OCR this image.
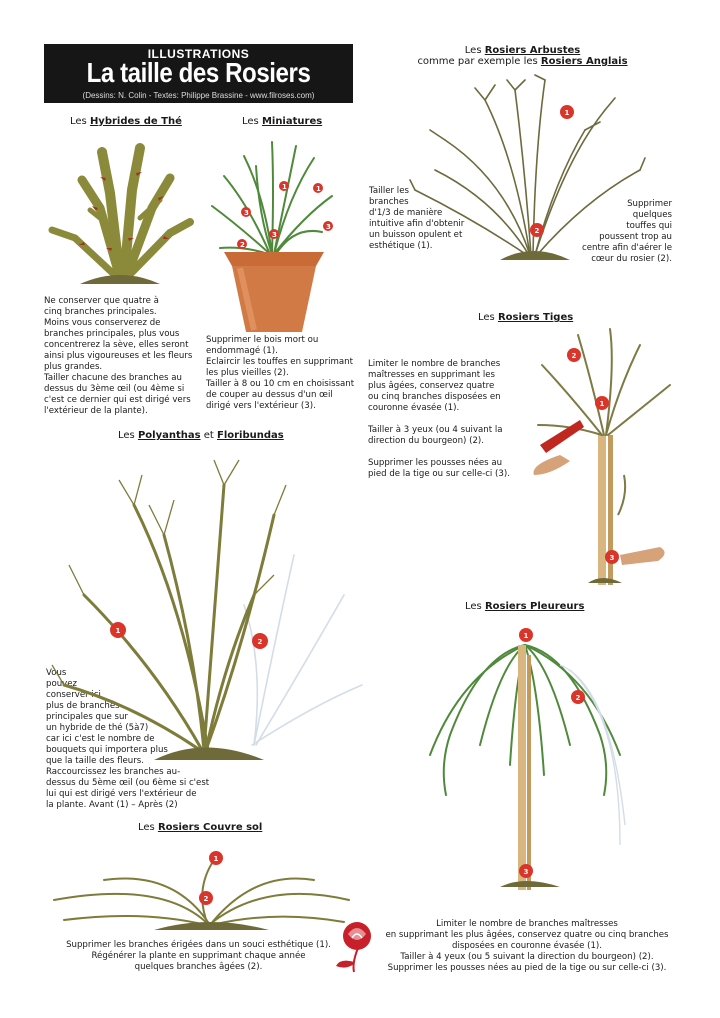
ILLUSTRATIONS
La taille des Rosiers
(Dessins: N. Colin - Textes: Philippe Brassine - www.filroses.com)
Les Hybrides de Thé	Les Miniatures
Les Rosiers Arbustes
comme par exemple les Rosiers Anglais
Les Rosiers Tiges
Les Polyanthas et Floribundas
Les Rosiers Pleureurs
Les Rosiers Couvre sol
Ne conserver que quatre à
cinq branches principales.
Moins vous conserverez de
branches principales, plus vous
concentrerez la sève, elles seront
ainsi plus vigoureuses et les fleurs
plus grandes.
Tailler chacune des branches au
dessus du 3ème œil (ou 4ème si
c'est ce dernier qui est dirigé vers
l'extérieur de la plante).
Supprimer le bois mort ou
endommagé (1).
Eclaircir les touffes en supprimant
les plus vieilles (2).
Tailler à 8 ou 10 cm en choisissant
de couper au dessus d'un œil
dirigé vers l'extérieur (3).
Tailler les
branches
d'1/3 de manière
intuitive afin d'obtenir
un buisson opulent et
esthétique (1).
Supprimer
quelques
touffes qui
poussent trop au
centre afin d'aérer le
cœur du rosier (2).
Limiter le nombre de branches
maîtresses en supprimant les
plus âgées, conservez quatre
ou cinq branches disposées en
couronne évasée (1).

Tailler à 3 yeux (ou 4 suivant la
direction du bourgeon) (2).

Supprimer les pousses nées au
pied de la tige ou sur celle-ci (3).
Vous
pouvez
conserver ici
plus de branches
principales que sur
un hybride de thé (5à7)
car ici c'est le nombre de
bouquets qui importera plus
que la taille des fleurs.
Raccourcissez les branches au-
dessus du 5ème œil (ou 6ème si c'est
lui qui est dirigé vers l'extérieur de
la plante. Avant (1) – Après (2)
Limiter le nombre de branches maîtresses
en supprimant les plus âgées, conservez quatre ou cinq branches
disposées en couronne évasée (1).
Tailler à 4 yeux (ou 5 suivant la direction du bourgeon) (2).
Supprimer les pousses nées au pied de la tige ou sur celle-ci (3).
Supprimer les branches érigées dans un souci esthétique (1).
Régénérer la plante en supprimant chaque année
quelques branches âgées (2).
1	1
3
3
3
2
1
2
2
1
3
1
2
1
2
3
1
2
